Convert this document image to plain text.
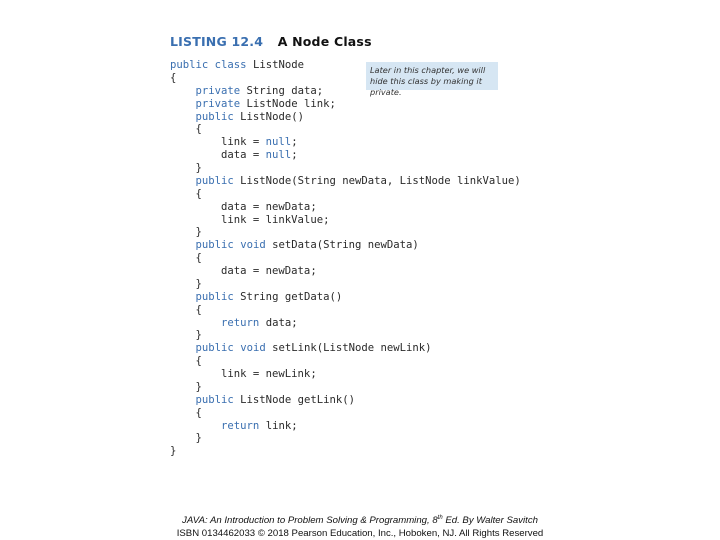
LISTING 12.4 A Node Class
Later in this chapter, we will hide this class by making it private.
public class ListNode
{
private String data;
private ListNode link;
public ListNode()
{
link = null;
data = null;
}
public ListNode(String newData, ListNode linkValue)
{
data = newData;
link = linkValue;
}
public void setData(String newData)
{
data = newData;
}
public String getData()
{
return data;
}
public void setLink(ListNode newLink)
{
link = newLink;
}
public ListNode getLink()
{
return link;
}
}
JAVA: An Introduction to Problem Solving & Programming, 8th Ed. By Walter Savitch
ISBN 0134462033 © 2018 Pearson Education, Inc., Hoboken, NJ. All Rights Reserved
